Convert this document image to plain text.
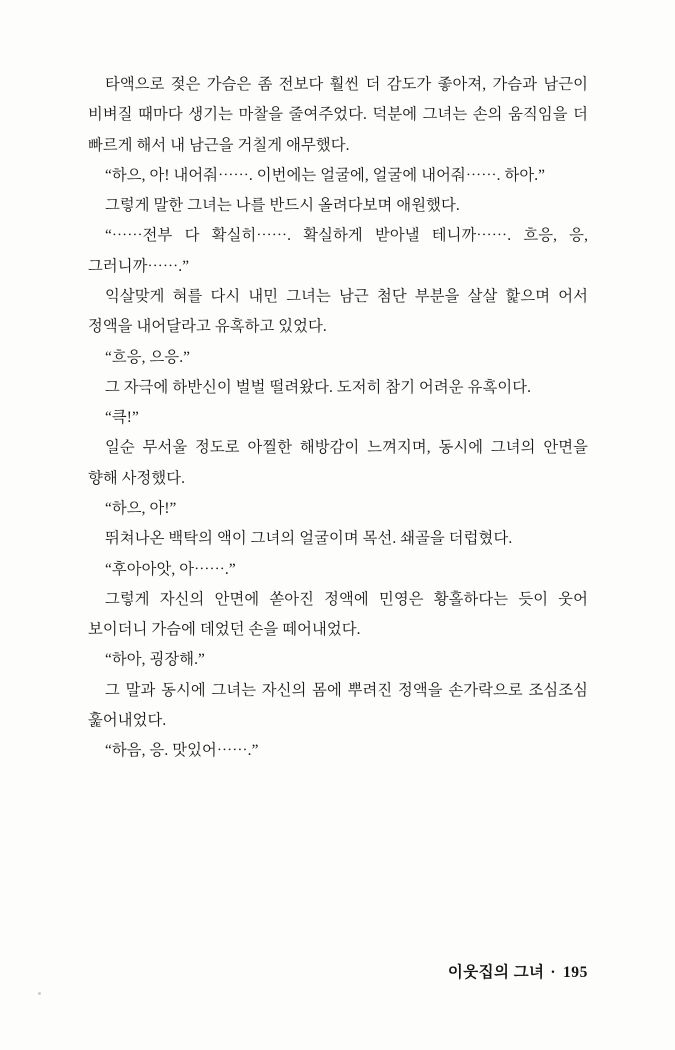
타액으로 젖은 가슴은 좀 전보다 훨씬 더 감도가 좋아져, 가슴과 남근이 비벼질 때마다 생기는 마찰을 줄여주었다. 덕분에 그녀는 손의 움직임을 더 빠르게 해서 내 남근을 거칠게 애무했다.

“하으, 아! 내어줘⋯⋯. 이번에는 얼굴에, 얼굴에 내어줘⋯⋯. 하아.”

그렇게 말한 그녀는 나를 반드시 올려다보며 애원했다.

“⋯⋯전부 다 확실히⋯⋯. 확실하게 받아낼 테니까⋯⋯. 흐응, 응, 그러니까⋯⋯.”

익살맞게 혀를 다시 내민 그녀는 남근 첨단 부분을 살살 핥으며 어서 정액을 내어달라고 유혹하고 있었다.

“흐응, 으응.”

그 자극에 하반신이 벌벌 떨려왔다. 도저히 참기 어려운 유혹이다.

“큭!”

일순 무서울 정도로 아찔한 해방감이 느껴지며, 동시에 그녀의 안면을 향해 사정했다.

“하으, 아!”

뛰쳐나온 백탁의 액이 그녀의 얼굴이며 목선. 쇄골을 더럽혔다.

“후아아앗, 아⋯⋯.”

그렇게 자신의 안면에 쏟아진 정액에 민영은 황홀하다는 듯이 웃어 보이더니 가슴에 데었던 손을 떼어내었다.

“하아, 굉장해.”

그 말과 동시에 그녀는 자신의 몸에 뿌려진 정액을 손가락으로 조심조심 훑어내었다.

“하음, 응. 맛있어⋯⋯.”

이웃집의 그녀 · 195
